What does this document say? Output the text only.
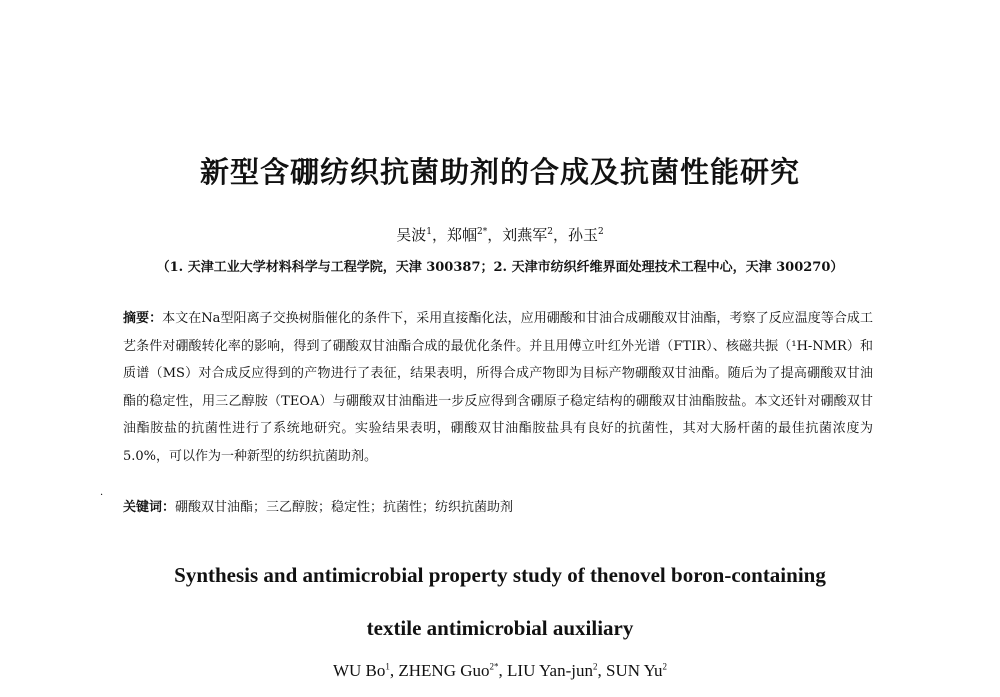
新型含硼纺织抗菌助剂的合成及抗菌性能研究
吴波$^1$，郑帼$^{2*}$，刘燕军$^2$，孙玉$^2$
（1. 天津工业大学材料科学与工程学院，天津 300387；2. 天津市纺织纤维界面处理技术工程中心，天津 300270）
摘要：本文在Na型阳离子交换树脂催化的条件下，采用直接酯化法，应用硼酸和甘油合成硼酸双甘油酯，考察了反应温度等合成工艺条件对硼酸转化率的影响，得到了硼酸双甘油酯合成的最优化条件。并且用傅立叶红外光谱（FTIR）、核磁共振（¹H-NMR）和质谱（MS）对合成反应得到的产物进行了表征，结果表明，所得合成产物即为目标产物硼酸双甘油酯。随后为了提高硼酸双甘油酯的稳定性，用三乙醇胺（TEOA）与硼酸双甘油酯进一步反应得到含硼原子稳定结构的硼酸双甘油酯胺盐。本文还针对硼酸双甘油酯胺盐的抗菌性进行了系统地研究。实验结果表明，硼酸双甘油酯胺盐具有良好的抗菌性，其对大肠杆菌的最佳抗菌浓度为5.0%，可以作为一种新型的纺织抗菌助剂。
·
关键词：硼酸双甘油酯；三乙醇胺；稳定性；抗菌性；纺织抗菌助剂
Synthesis and antimicrobial property study of thenovel boron-containing
textile antimicrobial auxiliary
WU Bo$^1$, ZHENG Guo$^{2*}$, LIU Yan-jun$^2$, SUN Yu$^2$
